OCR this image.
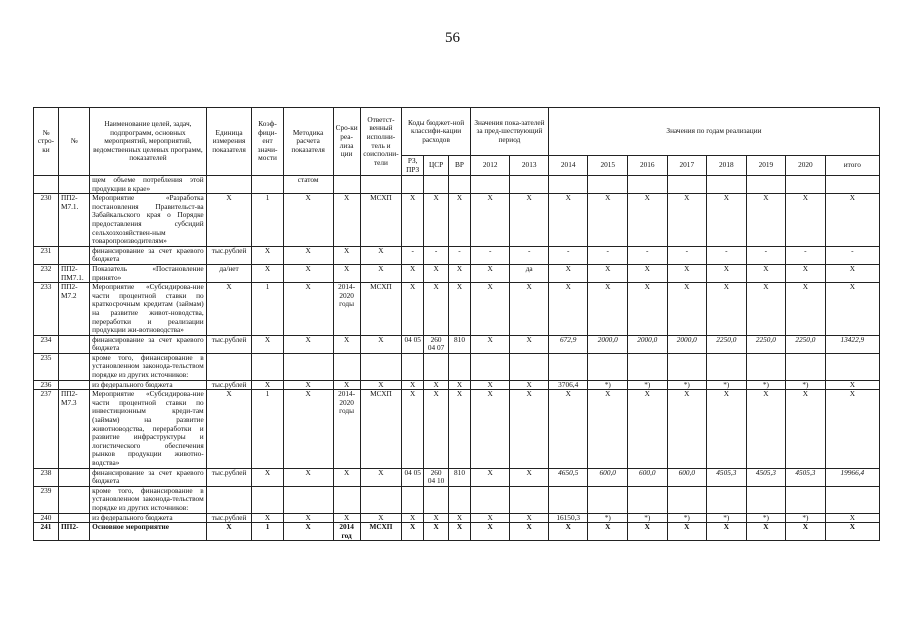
56
№ стро-ки	№	Наименование целей, задач, подпрограмм, основных мероприятий, мероприятий, ведомственных целевых программ, показателей	Единица измерения показателя	Коэф-фици-ент значи-мости	Методика расчета показателя	Сро-ки реа-лиза ции	Ответст-венный исполни-тель и соисполни-тели	Коды бюджет-ной классифи-кации расходов			Значения пока-зателей за пред-шествующий период		Значения по годам реализации							
								РЗ, ПРЗ	ЦСР	ВР	2012	2013	2014	2015	2016	2017	2018	2019	2020	итого
		щем объеме потребления этой продукции в крае»			статом															
230	ПП2-М7.1.	Мероприятие «Разработка постановления Правительст-ва Забайкальского края о Порядке предоставления субсидий сельхозхозяйствен-ным товаропроизводителям»	Х	1	Х	Х	МСХП	Х	Х	Х	Х	Х	Х	Х	Х	Х	Х	Х	Х	Х
231		финансирование за счет краевого бюджета	тыс.рублей	Х	Х	Х	Х	-	-	-	-	-	-	-	-	-	-	-	-	-
232	ПП2-ПМ7.1.	Показатель «Постановление принято»	да/нет	Х	Х	Х	Х	Х	Х	Х	Х	да	Х	Х	Х	Х	Х	Х	Х	Х
233	ПП2-М7.2	Мероприятие «Субсидирова-ние части процентной ставки по краткосрочным кредитам (займам) на развитие живот-новодства, переработки и реализации продукции жи-вотноводства»	Х	1	Х	2014-2020 годы	МСХП	Х	Х	Х	Х	Х	Х	Х	Х	Х	Х	Х	Х	Х
234		финансирование за счет краевого бюджета	тыс.рублей	Х	Х	Х	Х	04 05	260 04 07	810	Х	Х	672,9	2000,0	2000,0	2000,0	2250,0	2250,0	2250,0	13422,9
235		кроме того, финансирование в установленном законода-тельством порядке из других источников:																		
236		из федерального бюджета	тыс.рублей	Х	Х	Х	Х	Х	Х	Х	Х	Х	3706,4	*)	*)	*)	*)	*)	*)	Х
237	ПП2-М7.3	Мероприятие «Субсидирова-ние части процентной ставки по инвестиционным креди-там (займам) на развитие животноводства, переработки и развитие инфраструктуры и логистического обеспечения рынков продукции животно-водства»	Х	1	Х	2014-2020 годы	МСХП	Х	Х	Х	Х	Х	Х	Х	Х	Х	Х	Х	Х	Х
238		финансирование за счет краевого бюджета	тыс.рублей	Х	Х	Х	Х	04 05	260 04 10	810	Х	Х	4650,5	600,0	600,0	600,0	4505,3	4505,3	4505,3	19966,4
239		кроме того, финансирование в установленном законода-тельством порядке из других источников:																		
240		из федерального бюджета	тыс.рублей	Х	Х	Х	Х	Х	Х	Х	Х	Х	16150,3	*)	*)	*)	*)	*)	*)	Х
241	ПП2-	Основное мероприятие	Х	1	Х	2014 год	МСХП	Х	Х	Х	Х	Х	Х	Х	Х	Х	Х	Х	Х	Х
